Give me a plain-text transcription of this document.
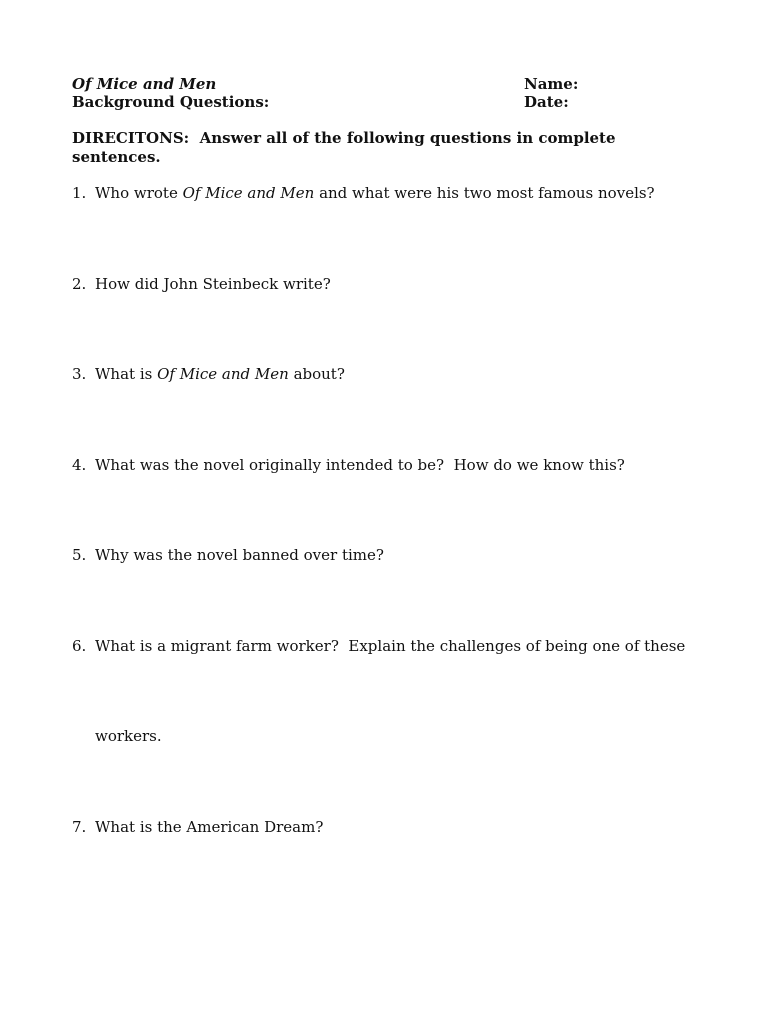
Of Mice and Men
Background Questions:
Name:
Date:
DIRECITONS:  Answer all of the following questions in complete
sentences.
1. Who wrote Of Mice and Men and what were his two most famous novels?
2. How did John Steinbeck write?
3. What is Of Mice and Men about?
4. What was the novel originally intended to be?  How do we know this?
5. Why was the novel banned over time?
6. What is a migrant farm worker?  Explain the challenges of being one of these
workers.
7. What is the American Dream?
